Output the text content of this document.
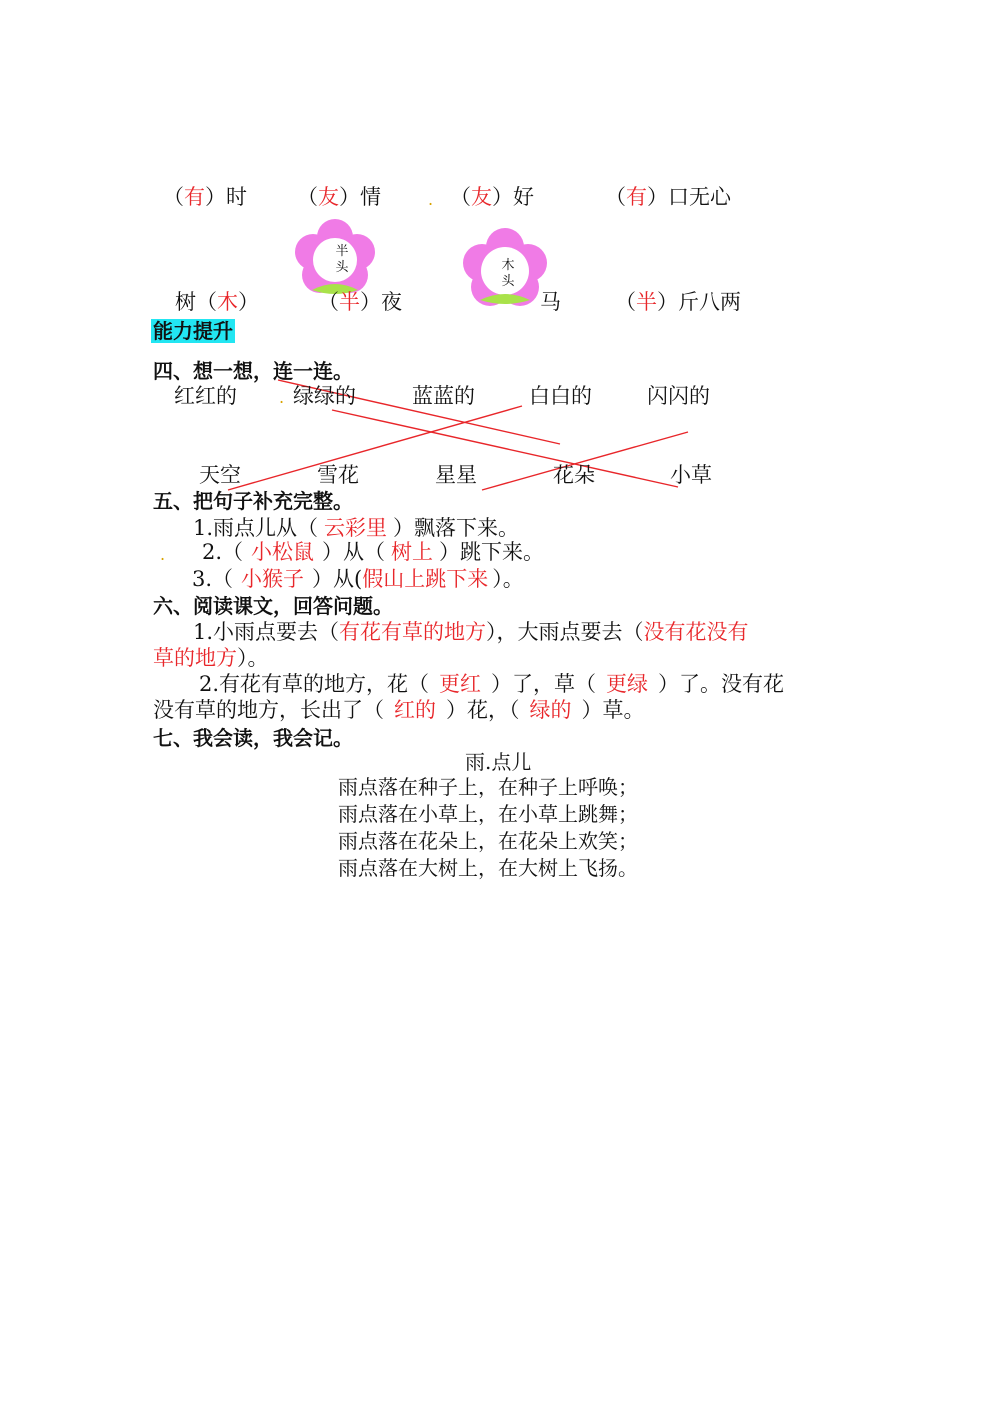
（有）时 （友）情	. （友）好	（有）口无心
半
头	木
头
树（木）	（半）夜	马	（半）斤八两
能力提升
四、想一想，连一连。
红红的	. 绿绿的	蓝蓝的	白白的	闪闪的
天空	雪花	星星	花朵	小草
五、把句子补充完整。
1.雨点儿从（ 云彩里 ）飘落下来。
. 2.（ 小松鼠 ）从（ 树上 ）跳下来。
3.（ 小猴子 ）从(假山上跳下来 ）。
六、阅读课文，回答问题。
1.小雨点要去（有花有草的地方），大雨点要去（没有花没有
草的地方）。
2.有花有草的地方，花（ 更红 ）了，草（ 更绿 ）了。没有花
没有草的地方，长出了（ 红的 ）花，（ 绿的 ）草。
七、我会读，我会记。
雨.点儿
雨点落在种子上，在种子上呼唤；
雨点落在小草上，在小草上跳舞；
雨点落在花朵上，在花朵上欢笑；
雨点落在大树上，在大树上飞扬。
